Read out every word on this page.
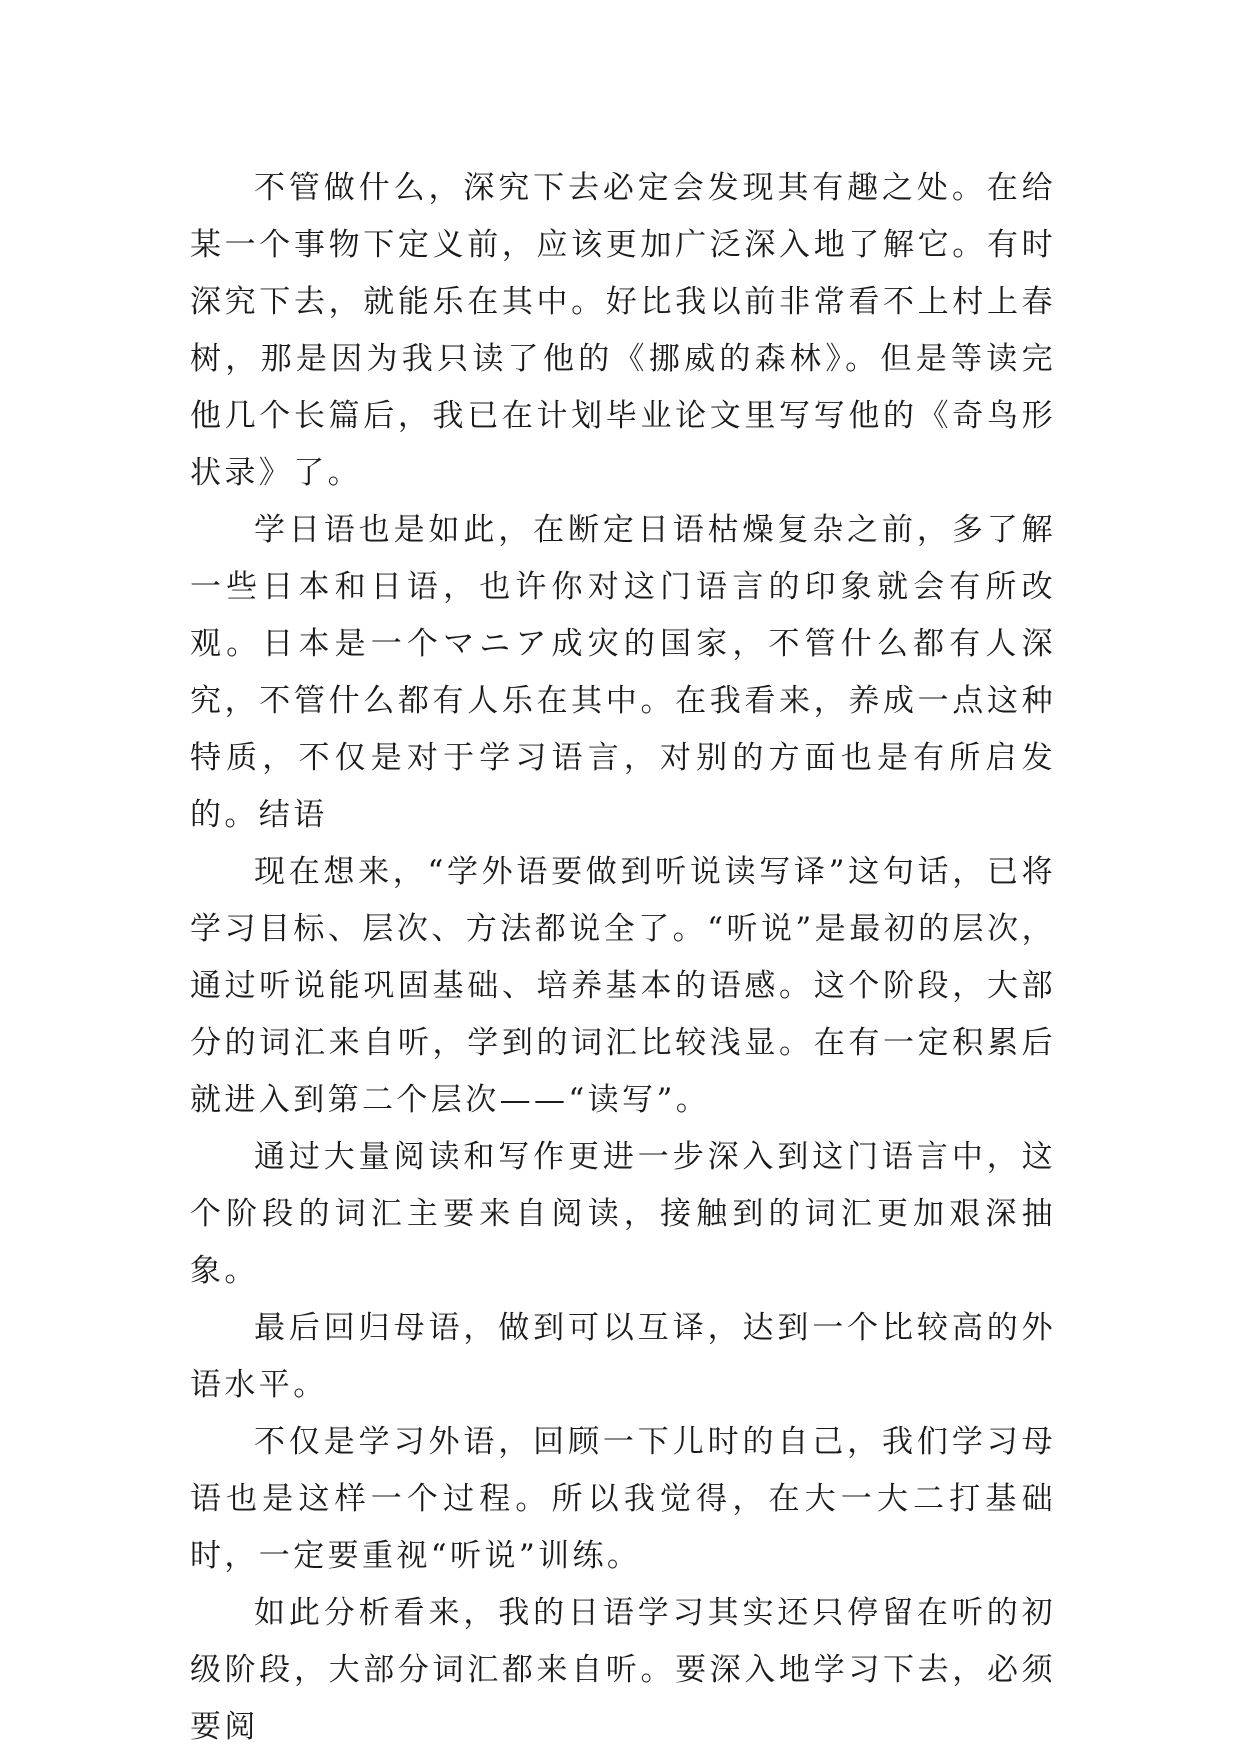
不管做什么，深究下去必定会发现其有趣之处。在给某一个事物下定义前，应该更加广泛深入地了解它。有时深究下去，就能乐在其中。好比我以前非常看不上村上春树，那是因为我只读了他的《挪威的森林》。但是等读完他几个长篇后，我已在计划毕业论文里写写他的《奇鸟形状录》了。

学日语也是如此，在断定日语枯燥复杂之前，多了解一些日本和日语，也许你对这门语言的印象就会有所改观。日本是一个マニア成灾的国家，不管什么都有人深究，不管什么都有人乐在其中。在我看来，养成一点这种特质，不仅是对于学习语言，对别的方面也是有所启发的。结语

现在想来，“学外语要做到听说读写译”这句话，已将学习目标、层次、方法都说全了。“听说”是最初的层次，通过听说能巩固基础、培养基本的语感。这个阶段，大部分的词汇来自听，学到的词汇比较浅显。在有一定积累后就进入到第二个层次——“读写”。

通过大量阅读和写作更进一步深入到这门语言中，这个阶段的词汇主要来自阅读，接触到的词汇更加艰深抽象。

最后回归母语，做到可以互译，达到一个比较高的外语水平。

不仅是学习外语，回顾一下儿时的自己，我们学习母语也是这样一个过程。所以我觉得，在大一大二打基础时，一定要重视“听说”训练。

如此分析看来，我的日语学习其实还只停留在听的初级阶段，大部分词汇都来自听。要深入地学习下去，必须要阅
